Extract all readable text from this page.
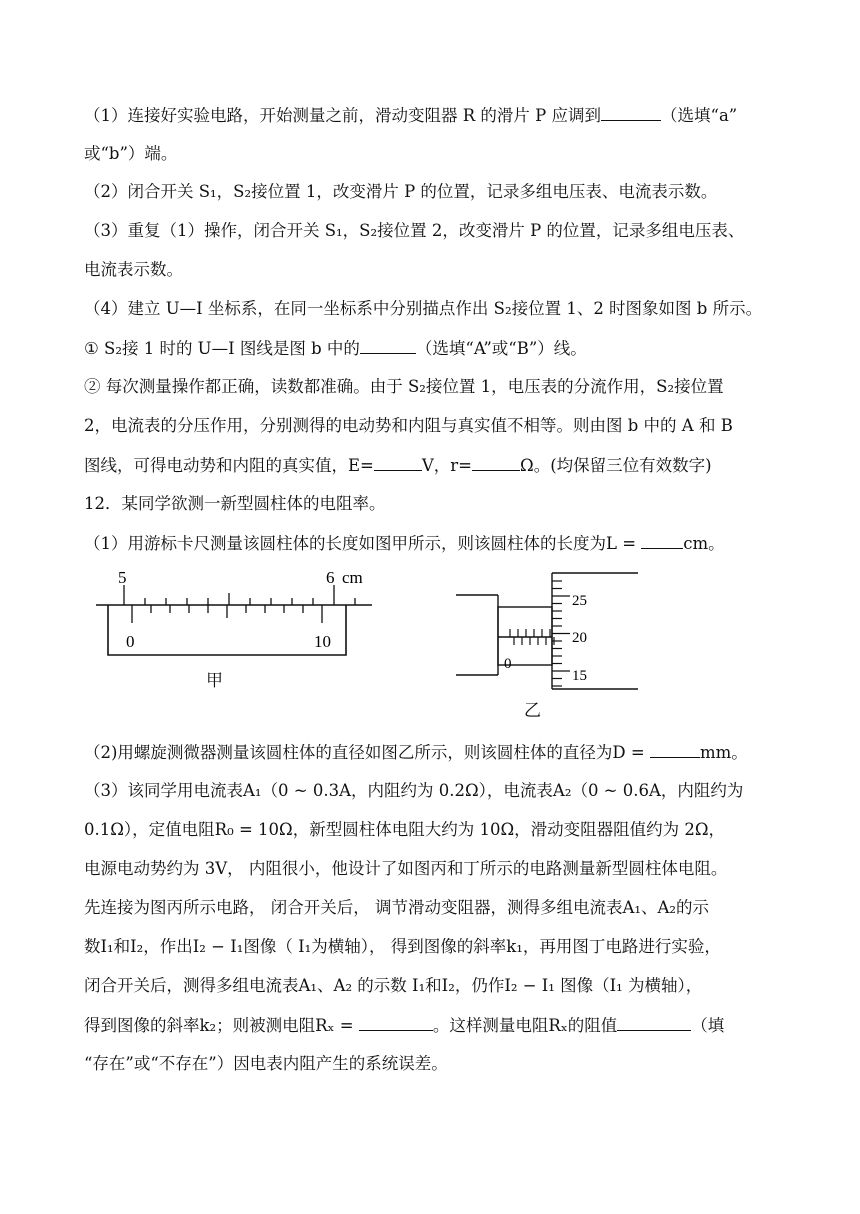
（1）连接好实验电路，开始测量之前，滑动变阻器 R 的滑片 P 应调到	（选填“a”
或“b”）端。
（2）闭合开关 S₁，S₂接位置 1，改变滑片 P 的位置，记录多组电压表、电流表示数。
（3）重复（1）操作，闭合开关 S₁，S₂接位置 2，改变滑片 P 的位置，记录多组电压表、
电流表示数。
（4）建立 U—I 坐标系，在同一坐标系中分别描点作出 S₂接位置 1、2 时图象如图 b 所示。
① S₂接 1 时的 U—I 图线是图 b 中的	（选填“A”或“B”）线。
② 每次测量操作都正确，读数都准确。由于 S₂接位置 1，电压表的分流作用，S₂接位置
2，电流表的分压作用，分别测得的电动势和内阻与真实值不相等。则由图 b 中的 A 和 B
图线，可得电动势和内阻的真实值，E=	V，r=	Ω。(均保留三位有效数字)
12．某同学欲测一新型圆柱体的电阻率。
（1）用游标卡尺测量该圆柱体的长度如图甲所示，则该圆柱体的长度为L =	cm。
5	6 cm
0	10
甲
0
25
20
15
乙
（2)用螺旋测微器测量该圆柱体的直径如图乙所示，则该圆柱体的直径为D =	mm。
（3）该同学用电流表A₁（0 ~ 0.3A，内阻约为 0.2Ω），电流表A₂（0 ~ 0.6A，内阻约为
0.1Ω），定值电阻R₀ = 10Ω，新型圆柱体电阻大约为 10Ω，滑动变阻器阻值约为 2Ω，
电源电动势约为 3V， 内阻很小，他设计了如图丙和丁所示的电路测量新型圆柱体电阻。
先连接为图丙所示电路， 闭合开关后， 调节滑动变阻器，测得多组电流表A₁、A₂的示
数I₁和I₂，作出I₂ − I₁图像（ I₁为横轴）， 得到图像的斜率k₁，再用图丁电路进行实验，
闭合开关后，测得多组电流表A₁、A₂ 的示数 I₁和I₂，仍作I₂ − I₁ 图像（I₁ 为横轴），
得到图像的斜率k₂；则被测电阻Rₓ =	。这样测量电阻Rₓ的阻值	（填
“存在”或“不存在”）因电表内阻产生的系统误差。
